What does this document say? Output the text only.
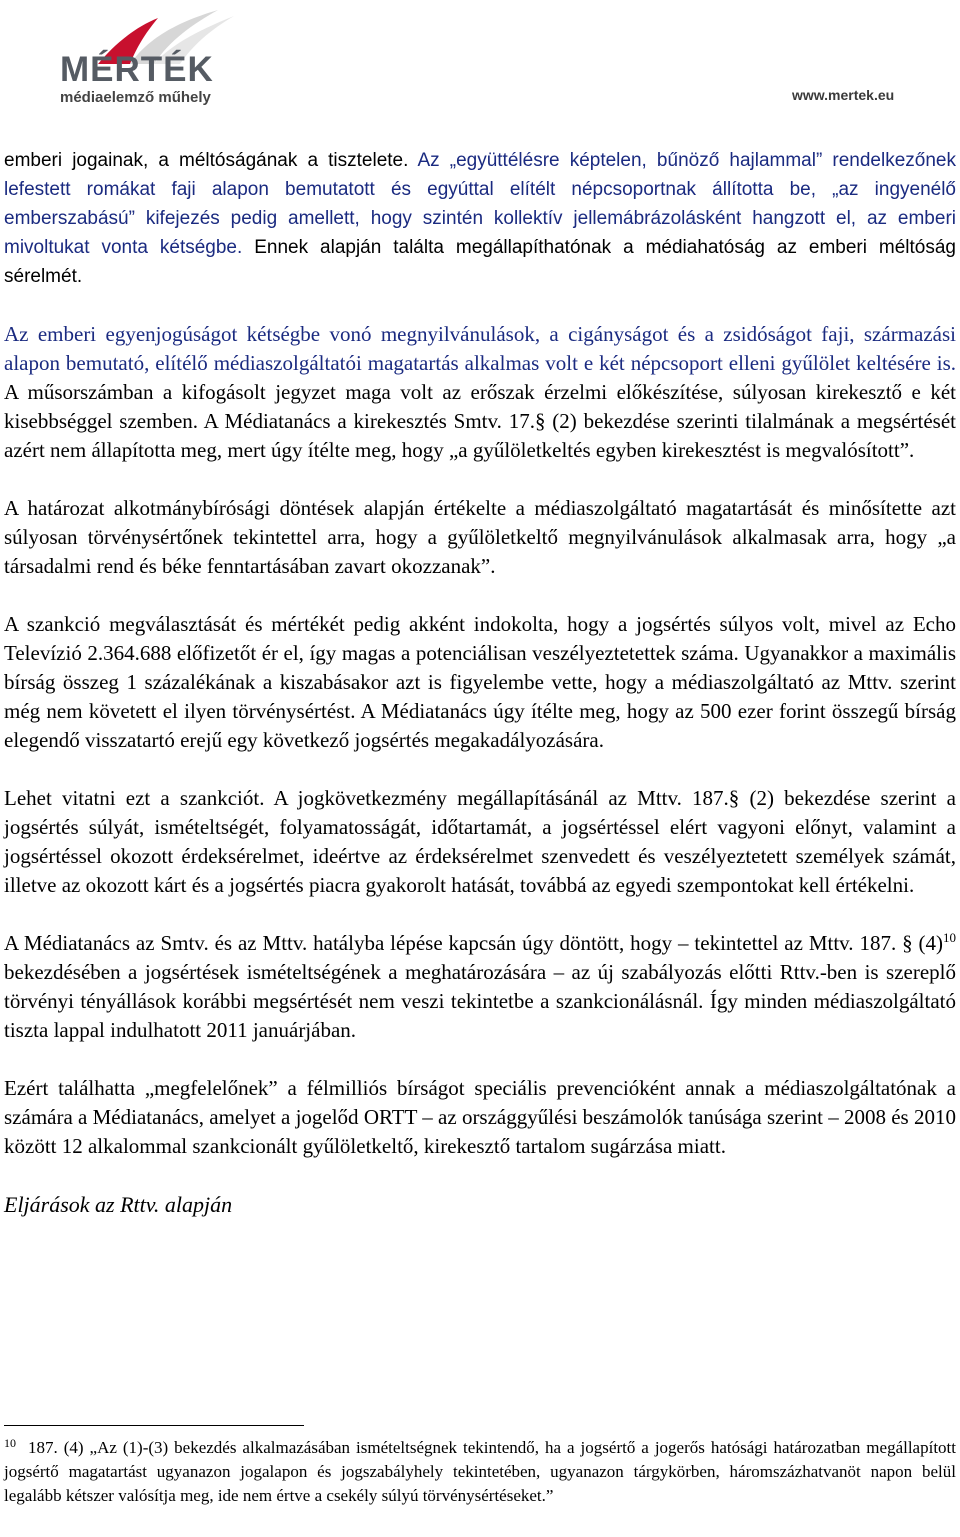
MÉRTÉK
médiaelemző műhely	www.mertek.eu

emberi jogainak, a méltóságának a tisztelete. Az „együttélésre képtelen, bűnöző hajlammal” rendelkezőnek lefestett romákat faji alapon bemutatott és egyúttal elítélt népcsoportnak állította be, „az ingyenélő emberszabású” kifejezés pedig amellett, hogy szintén kollektív jellemábrázolásként hangzott el, az emberi mivoltukat vonta kétségbe. Ennek alapján találta megállapíthatónak a médiahatóság az emberi méltóság sérelmét.

Az emberi egyenjogúságot kétségbe vonó megnyilvánulások, a cigányságot és a zsidóságot faji, származási alapon bemutató, elítélő médiaszolgáltatói magatartás alkalmas volt e két népcsoport elleni gyűlölet keltésére is. A műsorszámban a kifogásolt jegyzet maga volt az erőszak érzelmi előkészítése, súlyosan kirekesztő e két kisebbséggel szemben. A Médiatanács a kirekesztés Smtv. 17.§ (2) bekezdése szerinti tilalmának a megsértését azért nem állapította meg, mert úgy ítélte meg, hogy „a gyűlöletkeltés egyben kirekesztést is megvalósított”.

A határozat alkotmánybírósági döntések alapján értékelte a médiaszolgáltató magatartását és minősítette azt súlyosan törvénysértőnek tekintettel arra, hogy a gyűlöletkeltő megnyilvánulások alkalmasak arra, hogy „a társadalmi rend és béke fenntartásában zavart okozzanak”.

A szankció megválasztását és mértékét pedig akként indokolta, hogy a jogsértés súlyos volt, mivel az Echo Televízió 2.364.688 előfizetőt ér el, így magas a potenciálisan veszélyeztetettek száma. Ugyanakkor a maximális bírság összeg 1 százalékának a kiszabásakor azt is figyelembe vette, hogy a médiaszolgáltató az Mttv. szerint még nem követett el ilyen törvénysértést. A Médiatanács úgy ítélte meg, hogy az 500 ezer forint összegű bírság elegendő visszatartó erejű egy következő jogsértés megakadályozására.

Lehet vitatni ezt a szankciót. A jogkövetkezmény megállapításánál az Mttv. 187.§ (2) bekezdése szerint a jogsértés súlyát, ismételtségét, folyamatosságát, időtartamát, a jogsértéssel elért vagyoni előnyt, valamint a jogsértéssel okozott érdeksérelmet, ideértve az érdeksérelmet szenvedett és veszélyeztetett személyek számát, illetve az okozott kárt és a jogsértés piacra gyakorolt hatását, továbbá az egyedi szempontokat kell értékelni.

A Médiatanács az Smtv. és az Mttv. hatályba lépése kapcsán úgy döntött, hogy – tekintettel az Mttv. 187. § (4)$^{10}$ bekezdésében a jogsértések ismételtségének a meghatározására – az új szabályozás előtti Rttv.-ben is szereplő törvényi tényállások korábbi megsértését nem veszi tekintetbe a szankcionálásnál. Így minden médiaszolgáltató tiszta lappal indulhatott 2011 januárjában.

Ezért találhatta „megfelelőnek” a félmilliós bírságot speciális prevencióként annak a médiaszolgáltatónak a számára a Médiatanács, amelyet a jogelőd ORTT – az országgyűlési beszámolók tanúsága szerint – 2008 és 2010 között 12 alkalommal szankcionált gyűlöletkeltő, kirekesztő tartalom sugárzása miatt.

Eljárások az Rttv. alapján

$^{10}$ 187. (4) „Az (1)-(3) bekezdés alkalmazásában ismételtségnek tekintendő, ha a jogsértő a jogerős hatósági határozatban megállapított jogsértő magatartást ugyanazon jogalapon és jogszabályhely tekintetében, ugyanazon tárgykörben, háromszázhatvanöt napon belül legalább kétszer valósítja meg, ide nem értve a csekély súlyú törvénysértéseket.”
